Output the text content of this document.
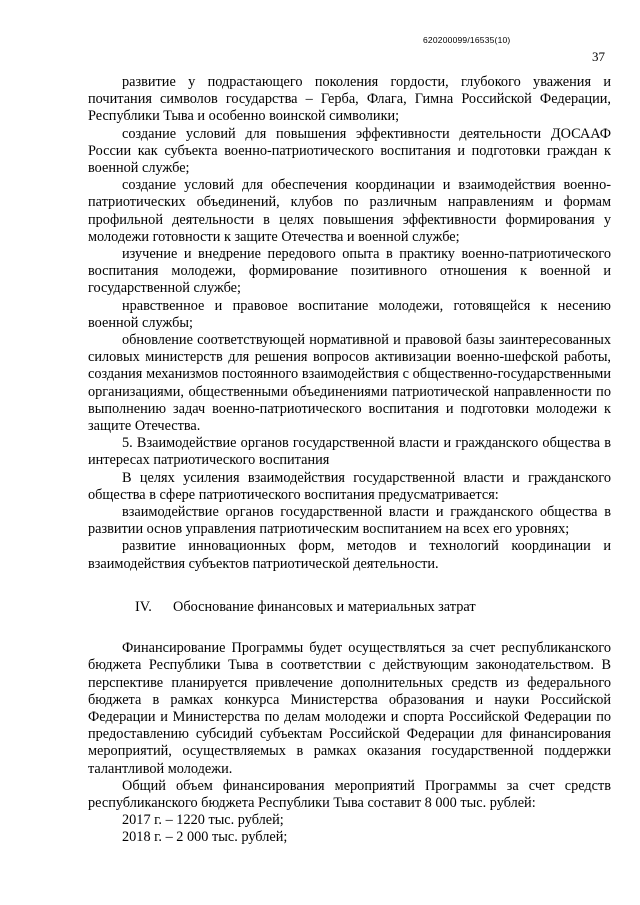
620200099/16535(10)
37

развитие у подрастающего поколения гордости, глубокого уважения и почитания символов государства – Герба, Флага, Гимна Российской Федерации, Республики Тыва и особенно воинской символики;

создание условий для повышения эффективности деятельности ДОСААФ России как субъекта военно-патриотического воспитания и подготовки граждан к военной службе;

создание условий для обеспечения координации и взаимодействия военно-патриотических объединений, клубов по различным направлениям и формам профильной деятельности в целях повышения эффективности формирования у молодежи готовности к защите Отечества и военной службе;

изучение и внедрение передового опыта в практику военно-патриотического воспитания молодежи, формирование позитивного отношения к военной и государственной службе;

нравственное и правовое воспитание молодежи, готовящейся к несению военной службы;

обновление соответствующей нормативной и правовой базы заинтересованных силовых министерств для решения вопросов активизации военно-шефской работы, создания механизмов постоянного взаимодействия с общественно-государственными организациями, общественными объединениями патриотической направленности по выполнению задач военно-патриотического воспитания и подготовки молодежи к защите Отечества.

5. Взаимодействие органов государственной власти и гражданского общества в интересах патриотического воспитания

В целях усиления взаимодействия государственной власти и гражданского общества в сфере патриотического воспитания предусматривается:

взаимодействие органов государственной власти и гражданского общества в развитии основ управления патриотическим воспитанием на всех его уровнях;

развитие инновационных форм, методов и технологий координации и взаимодействия субъектов патриотической деятельности.

IV. Обоснование финансовых и материальных затрат

Финансирование Программы будет осуществляться за счет республиканского бюджета Республики Тыва в соответствии с действующим законодательством. В перспективе планируется привлечение дополнительных средств из федерального бюджета в рамках конкурса Министерства образования и науки Российской Федерации и Министерства по делам молодежи и спорта Российской Федерации по предоставлению субсидий субъектам Российской Федерации для финансирования мероприятий, осуществляемых в рамках оказания государственной поддержки талантливой молодежи.

Общий объем финансирования мероприятий Программы за счет средств республиканского бюджета Республики Тыва составит 8 000 тыс. рублей:

2017 г. – 1220 тыс. рублей;

2018 г. – 2 000 тыс. рублей;
